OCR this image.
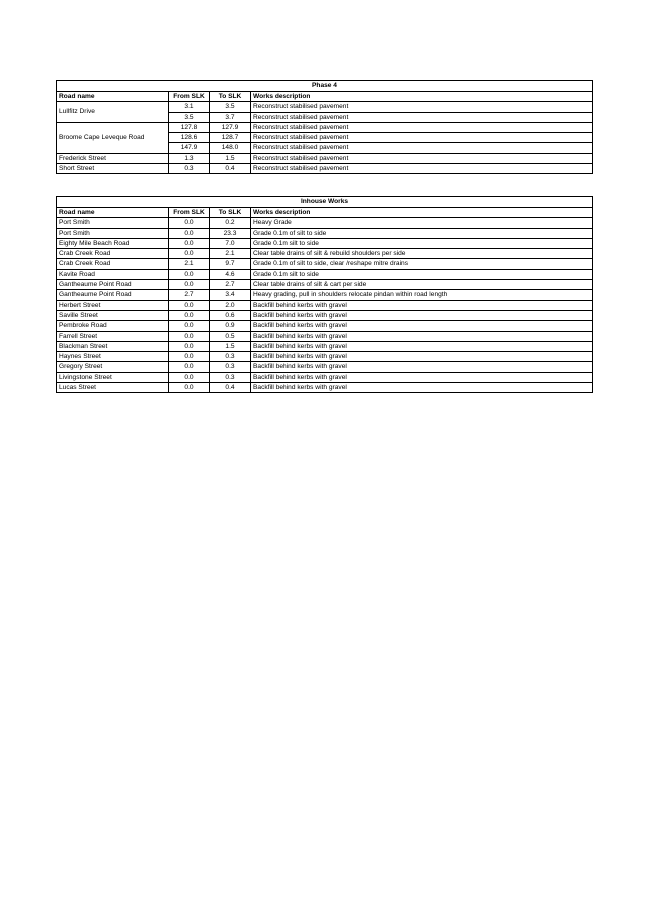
Phase 4			
Road name	From SLK	To SLK	Works description
Lullfitz Drive	3.1	3.5	Reconstruct stabilised pavement
	3.5	3.7	Reconstruct stabilised pavement
Broome Cape Leveque Road	127.8	127.9	Reconstruct stabilised pavement
	128.6	128.7	Reconstruct stabilised pavement
	147.9	148.0	Reconstruct stabilised pavement
Frederick Street	1.3	1.5	Reconstruct stabilised pavement
Short Street	0.3	0.4	Reconstruct stabilised pavement
Inhouse Works			
Road name	From SLK	To SLK	Works description
Port Smith	0.0	0.2	Heavy Grade
Port Smith	0.0	23.3	Grade 0.1m of silt to side
Eighty Mile Beach Road	0.0	7.0	Grade 0.1m silt to side
Crab Creek Road	0.0	2.1	Clear table drains of silt & rebuild shoulders per side
Crab Creek Road	2.1	9.7	Grade 0.1m of silt to side, clear /reshape mitre drains
Kavite Road	0.0	4.6	Grade 0.1m silt to side
Gantheaume Point Road	0.0	2.7	Clear table drains of silt & cart per side
Gantheaume Point Road	2.7	3.4	Heavy grading, pull in shoulders relocate pindan within road length
Herbert Street	0.0	2.0	Backfill behind kerbs with gravel
Saville Street	0.0	0.6	Backfill behind kerbs with gravel
Pembroke Road	0.0	0.9	Backfill behind kerbs with gravel
Farrell Street	0.0	0.5	Backfill behind kerbs with gravel
Blackman Street	0.0	1.5	Backfill behind kerbs with gravel
Haynes Street	0.0	0.3	Backfill behind kerbs with gravel
Gregory Street	0.0	0.3	Backfill behind kerbs with gravel
Livingstone Street	0.0	0.3	Backfill behind kerbs with gravel
Lucas Street	0.0	0.4	Backfill behind kerbs with gravel
